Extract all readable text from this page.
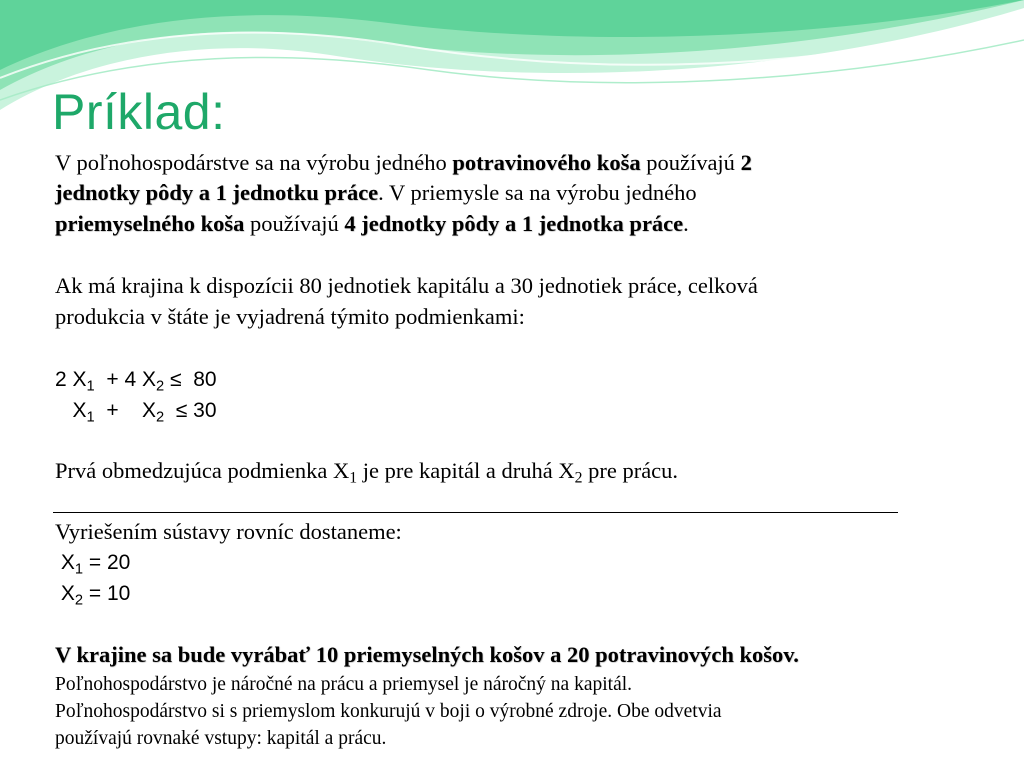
Príklad:
V poľnohospodárstve sa na výrobu jedného potravinového koša používajú 2
jednotky pôdy a 1 jednotku práce. V priemysle sa na výrobu jedného
priemyselného koša používajú 4 jednotky pôdy a 1 jednotka práce.
Ak má krajina k dispozícii 80 jednotiek kapitálu a 30 jednotiek práce, celková
produkcia v štáte je vyjadrená týmito podmienkami:
2 $X_1 + 4$ $X_2 \le 80$
$X_1$  +    $X_2 \le 30$
Prvá obmedzujúca podmienka $X_1$ je pre kapitál a druhá $X_2$ pre prácu.
Vyriešením sústavy rovníc dostaneme:
$X_1 = 20$
$X_2 = 10$
V krajine sa bude vyrábať 10 priemyselných košov a 20 potravinových košov.
Poľnohospodárstvo je náročné na prácu a priemysel je náročný na kapitál.
Poľnohospodárstvo si s priemyslom konkurujú v boji o výrobné zdroje. Obe odvetvia
používajú rovnaké vstupy: kapitál a prácu.
